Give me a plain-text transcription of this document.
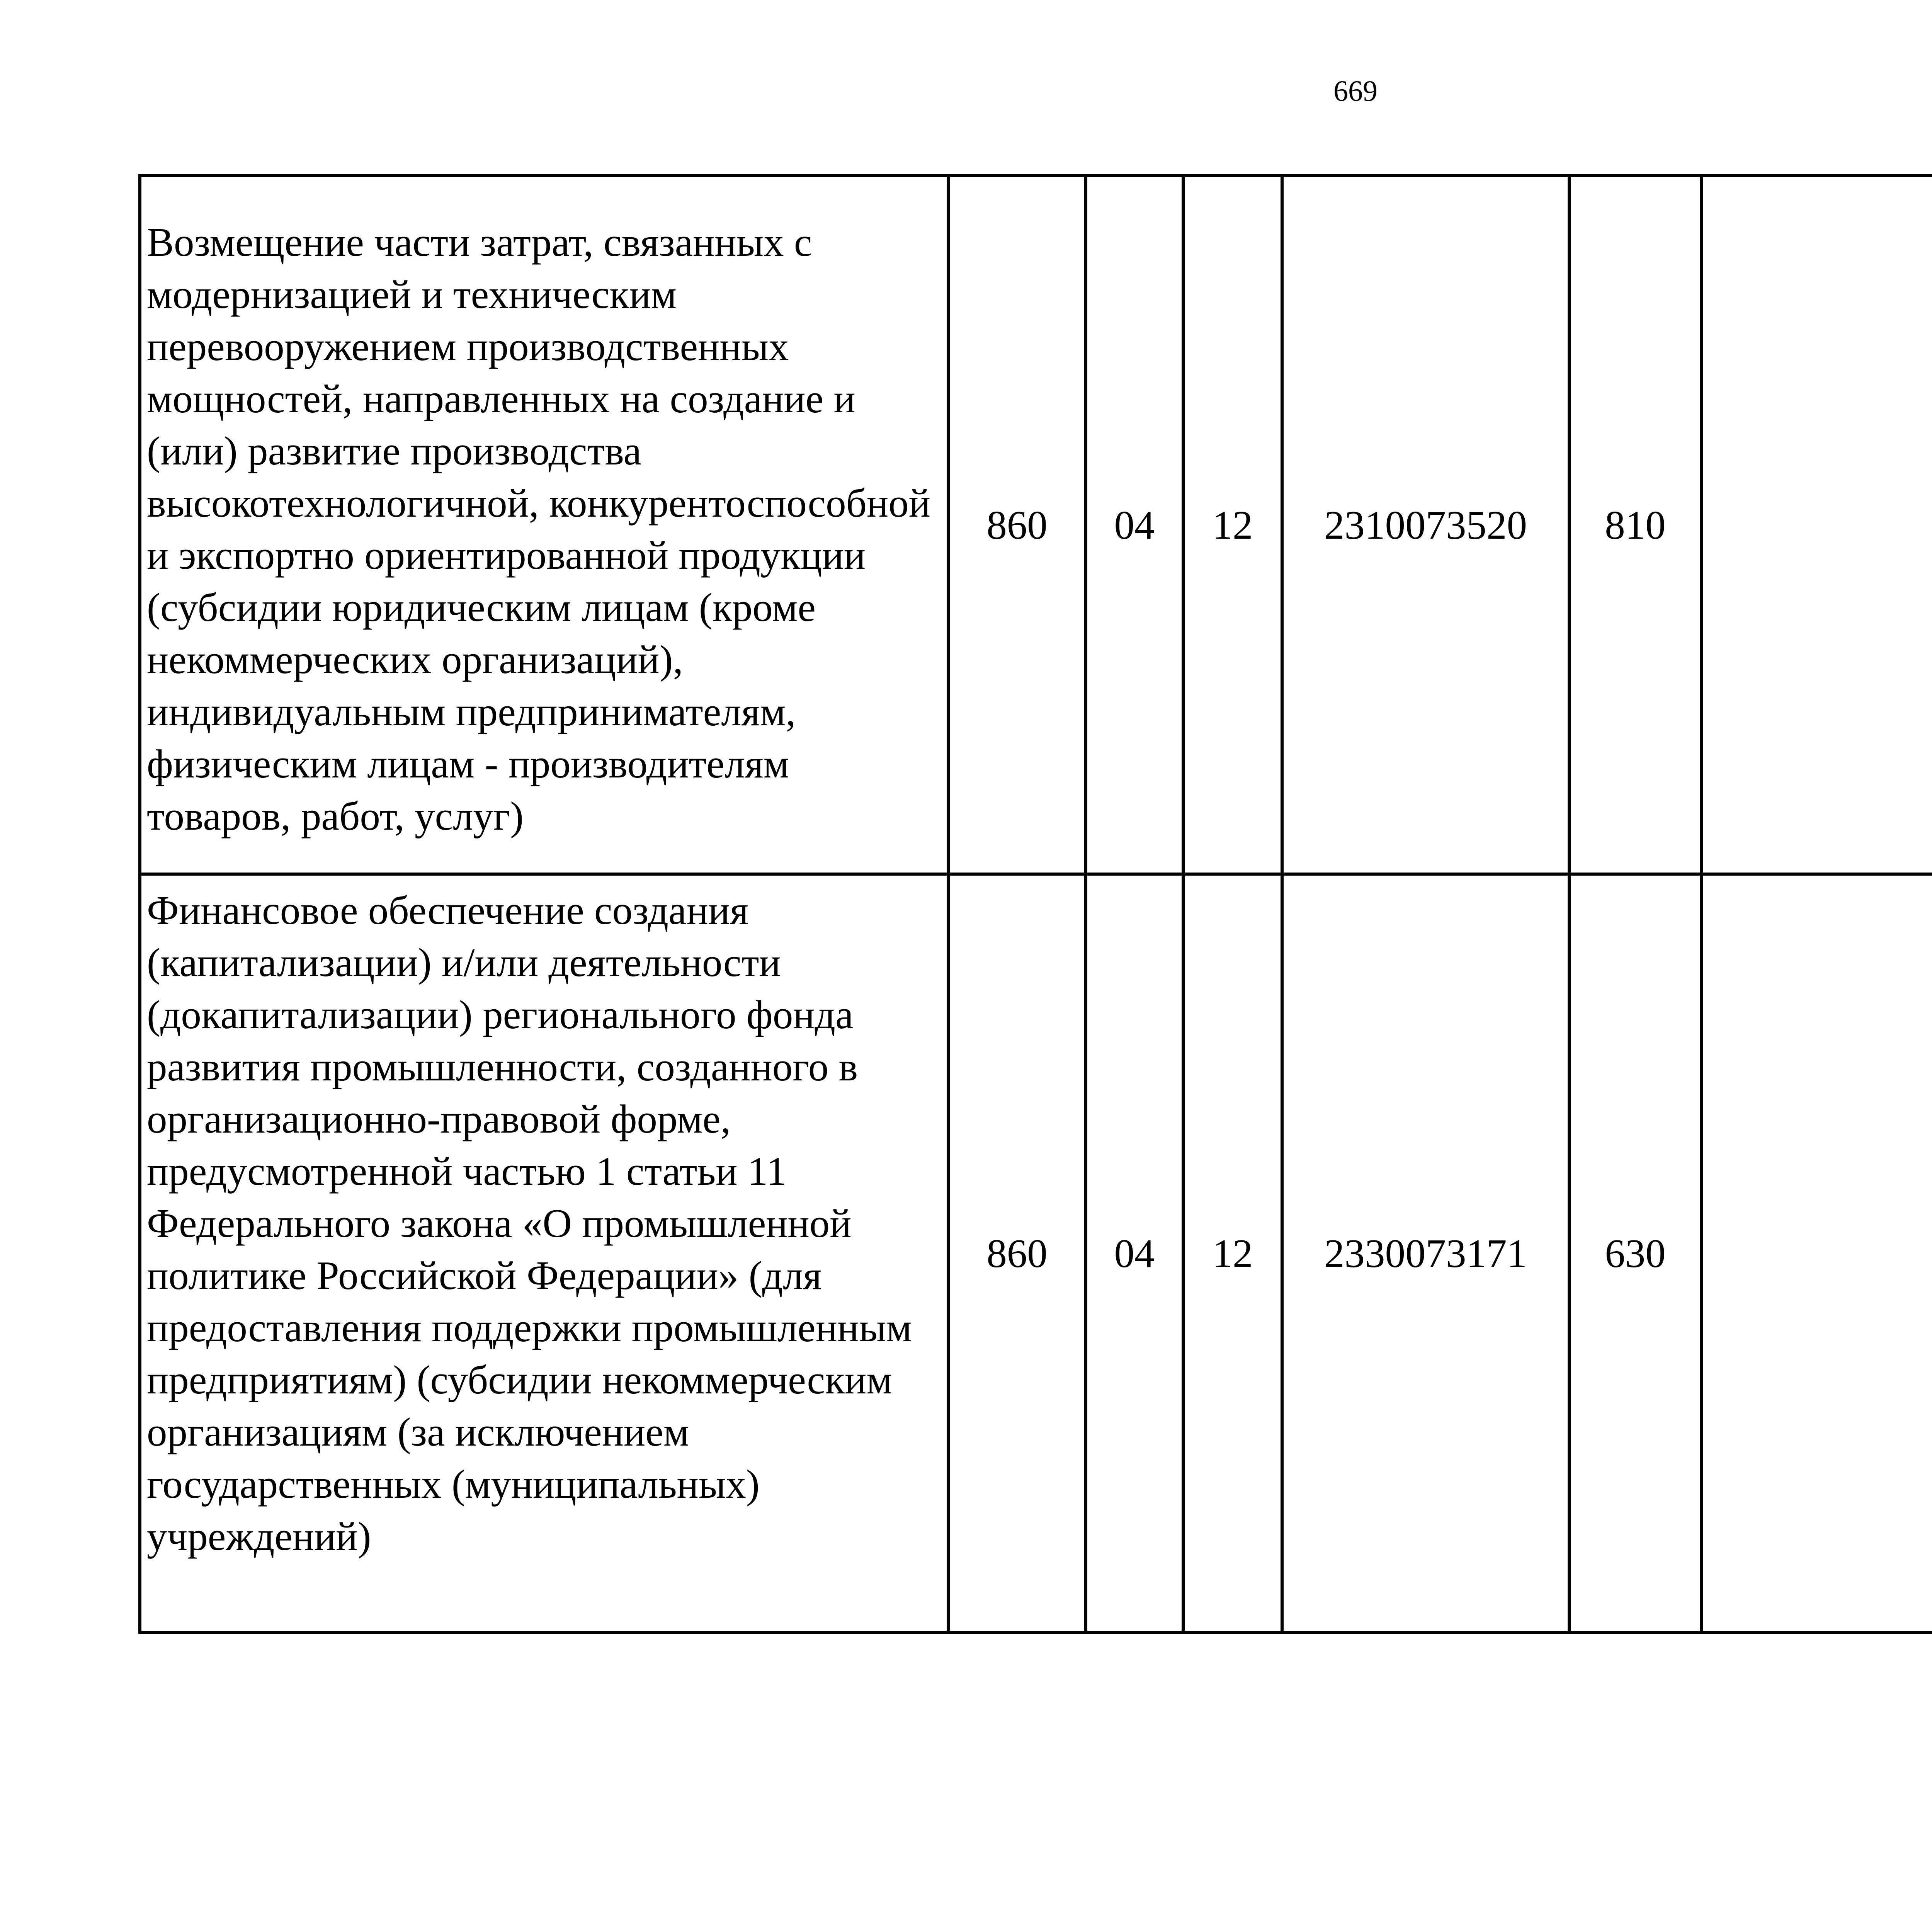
669
Возмещение части затрат, связанных с модернизацией и техническим перевооружением производственных мощностей, направленных на создание и (или) развитие производства высокотехнологичной, конкурентоспособной и экспортно ориентированной продукции (субсидии юридическим лицам (кроме некоммерческих организаций), индивидуальным предпринимателям, физическим лицам - производителям товаров, работ, услуг)	860	04	12	2310073520	810			
Финансовое обеспечение создания (капитализации) и/или деятельности (докапитализации) регионального фонда развития промышленности, созданного в организационно-правовой форме, предусмотренной частью 1 статьи 11 Федерального закона «О промышленной политике Российской Федерации» (для предоставления поддержки промышленным предприятиям) (субсидии некоммерческим организациям (за исключением государственных (муниципальных) учреждений)	860	04	12	2330073171	630			
